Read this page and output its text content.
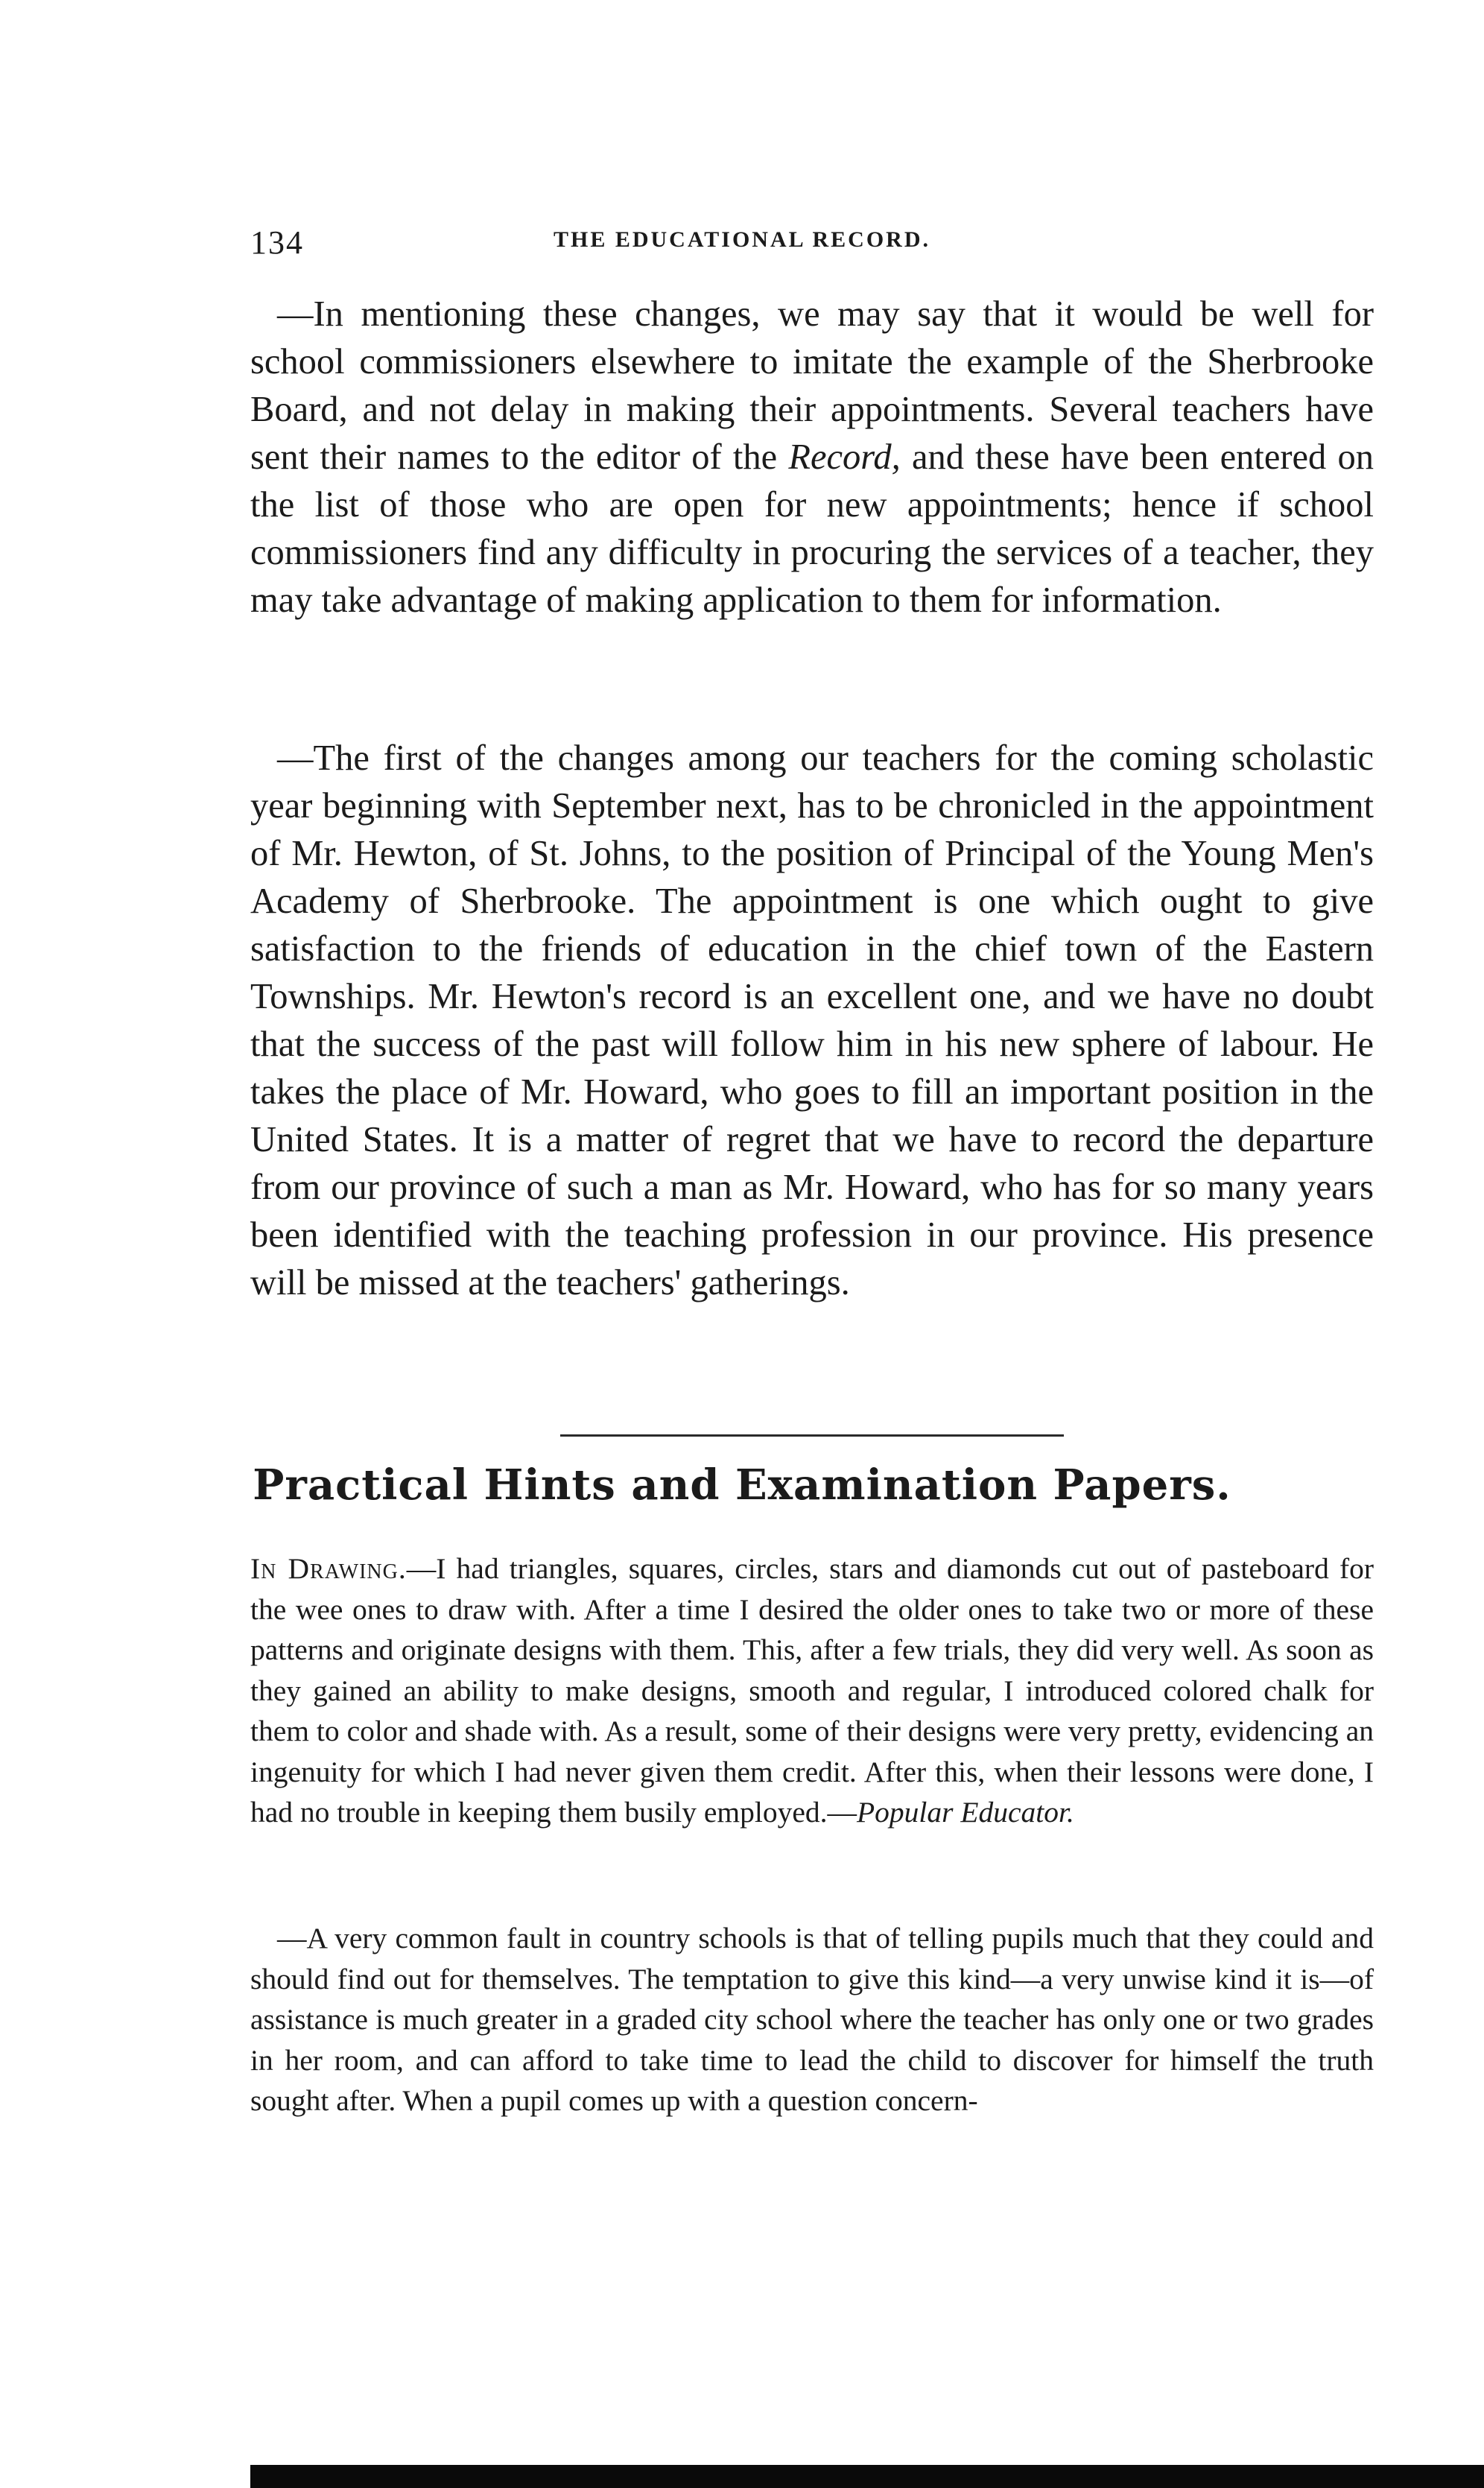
134	THE EDUCATIONAL RECORD.

—In mentioning these changes, we may say that it would be well for school commissioners elsewhere to imitate the example of the Sherbrooke Board, and not delay in making their appointments. Several teachers have sent their names to the editor of the Record, and these have been entered on the list of those who are open for new appointments; hence if school commissioners find any difficulty in procuring the services of a teacher, they may take advantage of making application to them for information.

—The first of the changes among our teachers for the coming scholastic year beginning with September next, has to be chronicled in the appointment of Mr. Hewton, of St. Johns, to the position of Principal of the Young Men's Academy of Sherbrooke. The appointment is one which ought to give satisfaction to the friends of education in the chief town of the Eastern Townships. Mr. Hewton's record is an excellent one, and we have no doubt that the success of the past will follow him in his new sphere of labour. He takes the place of Mr. Howard, who goes to fill an important position in the United States. It is a matter of regret that we have to record the departure from our province of such a man as Mr. Howard, who has for so many years been identified with the teaching profession in our province. His presence will be missed at the teachers' gatherings.

Practical Hints and Examination Papers.

In Drawing.—I had triangles, squares, circles, stars and diamonds cut out of pasteboard for the wee ones to draw with. After a time I desired the older ones to take two or more of these patterns and originate designs with them. This, after a few trials, they did very well. As soon as they gained an ability to make designs, smooth and regular, I introduced colored chalk for them to color and shade with. As a result, some of their designs were very pretty, evidencing an ingenuity for which I had never given them credit. After this, when their lessons were done, I had no trouble in keeping them busily employed.—Popular Educator.

—A very common fault in country schools is that of telling pupils much that they could and should find out for themselves. The temptation to give this kind—a very unwise kind it is—of assistance is much greater in a graded city school where the teacher has only one or two grades in her room, and can afford to take time to lead the child to discover for himself the truth sought after. When a pupil comes up with a question concern-
